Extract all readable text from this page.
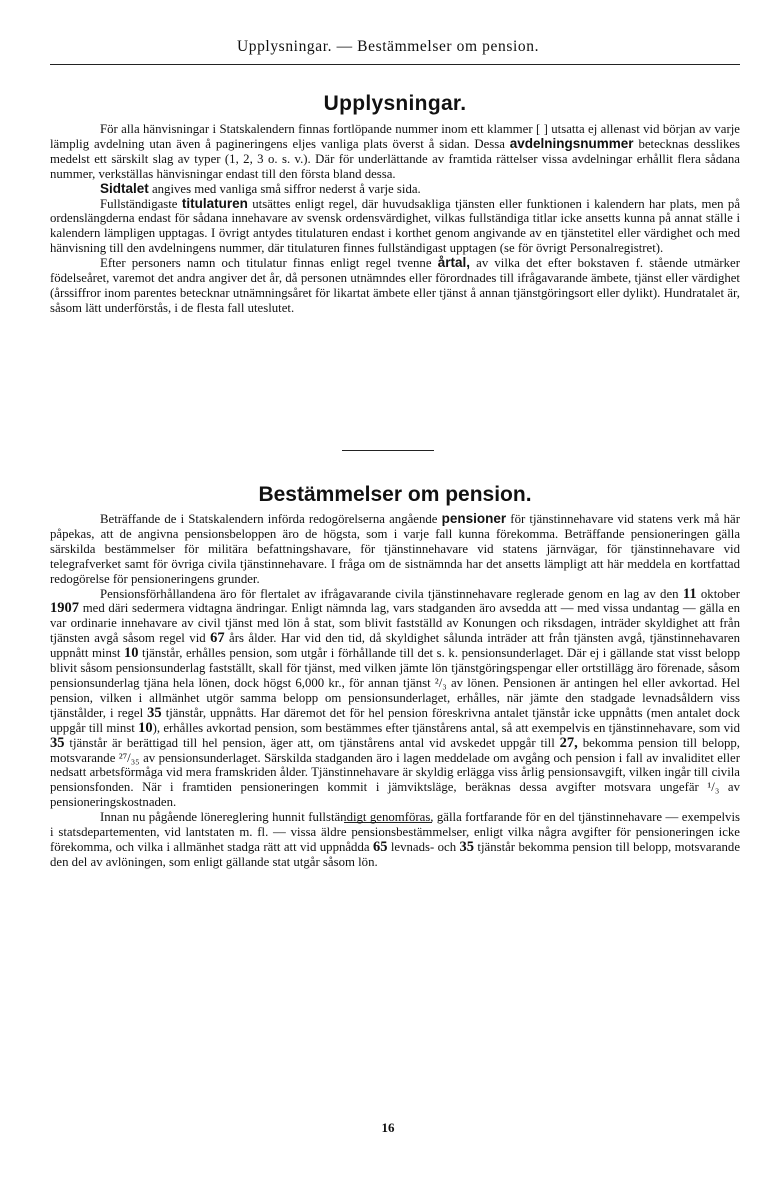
Upplysningar. — Bestämmelser om pension.
Upplysningar.

För alla hänvisningar i Statskalendern finnas fortlöpande nummer inom ett klammer [ ] utsatta ej allenast vid början av varje lämplig avdelning utan även å pagineringens eljes vanliga plats överst å sidan. Dessa avdelningsnummer betecknas desslikes medelst ett särskilt slag av typer (1, 2, 3 o. s. v.). Där för underlättande av framtida rättelser vissa avdelningar erhållit flera sådana nummer, verkställas hänvisningar endast till den första bland dessa.

Sidtalet angives med vanliga små siffror nederst å varje sida.

Fullständigaste titulaturen utsättes enligt regel, där huvudsakliga tjänsten eller funktionen i kalendern har plats, men på ordenslängderna endast för sådana innehavare av svensk ordensvärdighet, vilkas fullständiga titlar icke ansetts kunna på annat ställe i kalendern lämpligen upptagas. I övrigt antydes titulaturen endast i korthet genom angivande av en tjänstetitel eller värdighet och med hänvisning till den avdelningens nummer, där titulaturen finnes fullständigast upptagen (se för övrigt Personalregistret).

Efter personers namn och titulatur finnas enligt regel tvenne årtal, av vilka det efter bokstaven f. stående utmärker födelseåret, varemot det andra angiver det år, då personen utnämndes eller förordnades till ifrågavarande ämbete, tjänst eller värdighet (årssiffror inom parentes betecknar utnämningsåret för likartat ämbete eller tjänst å annan tjänstgöringsort eller dylikt). Hundratalet är, såsom lätt underförstås, i de flesta fall uteslutet.

Bestämmelser om pension.

Beträffande de i Statskalendern införda redogörelserna angående pensioner för tjänstinnehavare vid statens verk må här påpekas, att de angivna pensionsbeloppen äro de högsta, som i varje fall kunna förekomma. Beträffande pensioneringen gälla särskilda bestämmelser för militära befattningshavare, för tjänstinnehavare vid statens järnvägar, för tjänstinnehavare vid telegrafverket samt för övriga civila tjänstinnehavare. I fråga om de sistnämnda har det ansetts lämpligt att här meddela en kortfattad redogörelse för pensioneringens grunder.

Pensionsförhållandena äro för flertalet av ifrågavarande civila tjänstinnehavare reglerade genom en lag av den 11 oktober 1907 med däri sedermera vidtagna ändringar. Enligt nämnda lag, vars stadganden äro avsedda att — med vissa undantag — gälla en var ordinarie innehavare av civil tjänst med lön å stat, som blivit fastställd av Konungen och riksdagen, inträder skyldighet att från tjänsten avgå såsom regel vid 67 års ålder. Har vid den tid, då skyldighet sålunda inträder att från tjänsten avgå, tjänstinnehavaren uppnått minst 10 tjänstår, erhålles pension, som utgår i förhållande till det s. k. pensionsunderlaget. Där ej i gällande stat visst belopp blivit såsom pensionsunderlag fastställt, skall för tjänst, med vilken jämte lön tjänstgöringspengar eller ortstillägg äro förenade, såsom pensionsunderlag tjäna hela lönen, dock högst 6,000 kr., för annan tjänst ²/₃ av lönen. Pensionen är antingen hel eller avkortad. Hel pension, vilken i allmänhet utgör samma belopp om pensionsunderlaget, erhålles, när jämte den stadgade levnadsåldern viss tjänstålder, i regel 35 tjänstår, uppnåtts. Har däremot det för hel pension föreskrivna antalet tjänstår icke uppnåtts (men antalet dock uppgår till minst 10), erhålles avkortad pension, som bestämmes efter tjänstårens antal, så att exempelvis en tjänstinnehavare, som vid 35 tjänstår är berättigad till hel pension, äger att, om tjänstårens antal vid avskedet uppgår till 27, bekomma pension till belopp, motsvarande ²⁷/₃₅ av pensionsunderlaget. Särskilda stadganden äro i lagen meddelade om avgång och pension i fall av invaliditet eller nedsatt arbetsförmåga vid mera framskriden ålder. Tjänstinnehavare är skyldig erlägga viss årlig pensionsavgift, vilken ingår till civila pensionsfonden. När i framtiden pensioneringen kommit i jämviktsläge, beräknas dessa avgifter motsvara ungefär ¹/₃ av pensioneringskostnaden.

Innan nu pågående lönereglering hunnit fullständigt genomföras, gälla fortfarande för en del tjänstinnehavare — exempelvis i statsdepartementen, vid lantstaten m. fl. — vissa äldre pensionsbestämmelser, enligt vilka några avgifter för pensioneringen icke förekomma, och vilka i allmänhet stadga rätt att vid uppnådda 65 levnads- och 35 tjänstår bekomma pension till belopp, motsvarande den del av avlöningen, som enligt gällande stat utgår såsom lön.

16
